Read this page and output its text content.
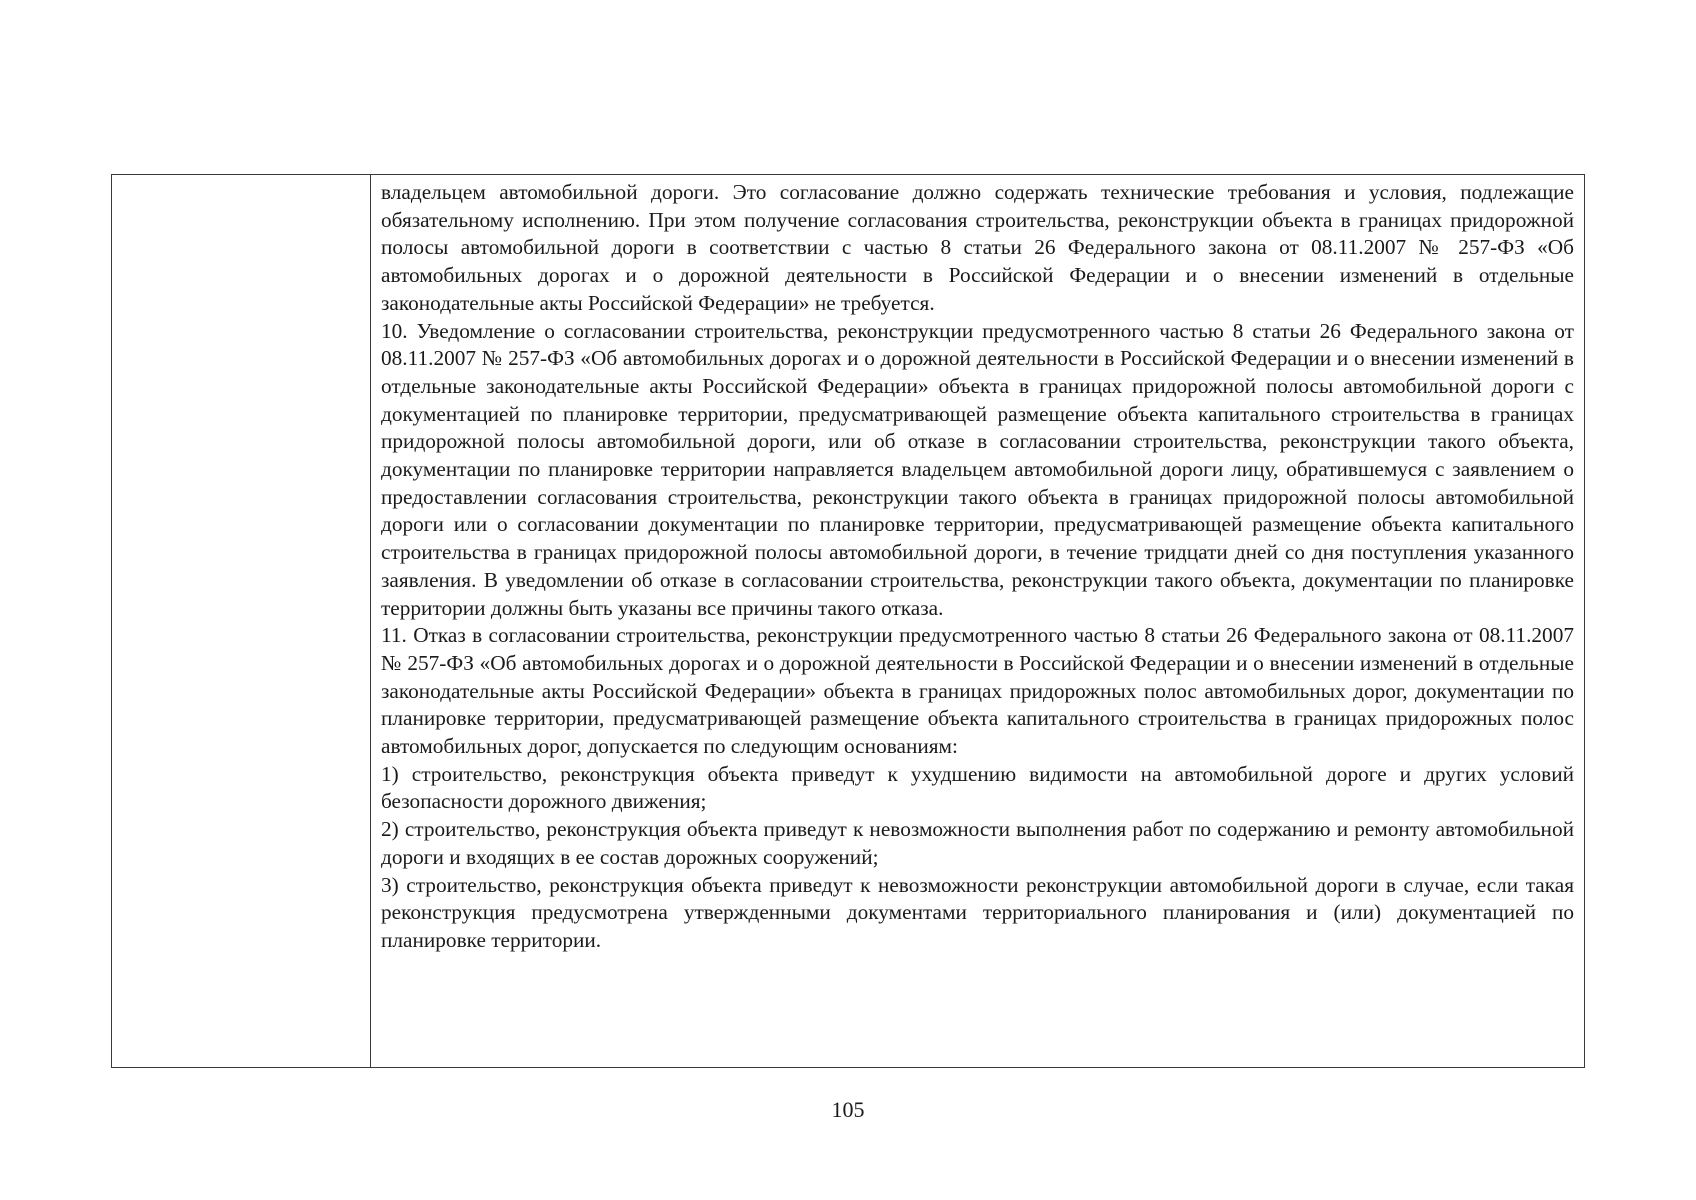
владельцем автомобильной дороги. Это согласование должно содержать технические требования и условия, подлежащие обязательному исполнению. При этом получение согласования строительства, реконструкции объекта в границах придорожной полосы автомобильной дороги в соответствии с частью 8 статьи 26 Федерального закона от 08.11.2007 № 257-ФЗ «Об автомобильных дорогах и о дорожной деятельности в Российской Федерации и о внесении изменений в отдельные законодательные акты Российской Федерации» не требуется.

10. Уведомление о согласовании строительства, реконструкции предусмотренного частью 8 статьи 26 Федерального закона от 08.11.2007 № 257-ФЗ «Об автомобильных дорогах и о дорожной деятельности в Российской Федерации и о внесении изменений в отдельные законодательные акты Российской Федерации» объекта в границах придорожной полосы автомобильной дороги с документацией по планировке территории, предусматривающей размещение объекта капитального строительства в границах придорожной полосы автомобильной дороги, или об отказе в согласовании строительства, реконструкции такого объекта, документации по планировке территории направляется владельцем автомобильной дороги лицу, обратившемуся с заявлением о предоставлении согласования строительства, реконструкции такого объекта в границах придорожной полосы автомобильной дороги или о согласовании документации по планировке территории, предусматривающей размещение объекта капитального строительства в границах придорожной полосы автомобильной дороги, в течение тридцати дней со дня поступления указанного заявления. В уведомлении об отказе в согласовании строительства, реконструкции такого объекта, документации по планировке территории должны быть указаны все причины такого отказа.

11. Отказ в согласовании строительства, реконструкции предусмотренного частью 8 статьи 26 Федерального закона от 08.11.2007 № 257-ФЗ «Об автомобильных дорогах и о дорожной деятельности в Российской Федерации и о внесении изменений в отдельные законодательные акты Российской Федерации» объекта в границах придорожных полос автомобильных дорог, документации по планировке территории, предусматривающей размещение объекта капитального строительства в границах придорожных полос автомобильных дорог, допускается по следующим основаниям:

1) строительство, реконструкция объекта приведут к ухудшению видимости на автомобильной дороге и других условий безопасности дорожного движения;

2) строительство, реконструкция объекта приведут к невозможности выполнения работ по содержанию и ремонту автомобильной дороги и входящих в ее состав дорожных сооружений;

3) строительство, реконструкция объекта приведут к невозможности реконструкции автомобильной дороги в случае, если такая реконструкция предусмотрена утвержденными документами территориального планирования и (или) документацией по планировке территории.

105
